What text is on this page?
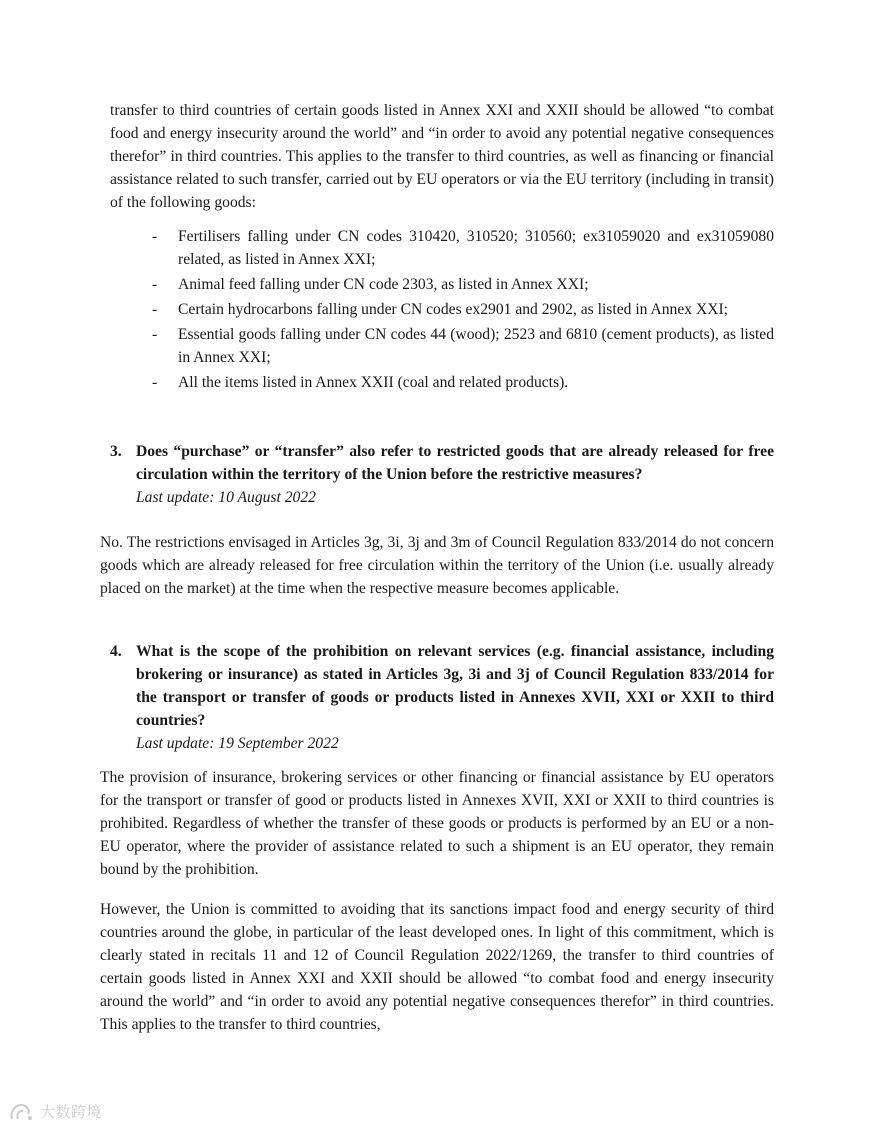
transfer to third countries of certain goods listed in Annex XXI and XXII should be allowed “to combat food and energy insecurity around the world” and “in order to avoid any potential negative consequences therefor” in third countries. This applies to the transfer to third countries, as well as financing or financial assistance related to such transfer, carried out by EU operators or via the EU territory (including in transit) of the following goods:

- Fertilisers falling under CN codes 310420, 310520; 310560; ex31059020 and ex31059080 related, as listed in Annex XXI;
- Animal feed falling under CN code 2303, as listed in Annex XXI;
- Certain hydrocarbons falling under CN codes ex2901 and 2902, as listed in Annex XXI;
- Essential goods falling under CN codes 44 (wood); 2523 and 6810 (cement products), as listed in Annex XXI;
- All the items listed in Annex XXII (coal and related products).
3. Does “purchase” or “transfer” also refer to restricted goods that are already released for free circulation within the territory of the Union before the restrictive measures?
Last update: 10 August 2022

No. The restrictions envisaged in Articles 3g, 3i, 3j and 3m of Council Regulation 833/2014 do not concern goods which are already released for free circulation within the territory of the Union (i.e. usually already placed on the market) at the time when the respective measure becomes applicable.

4. What is the scope of the prohibition on relevant services (e.g. financial assistance, including brokering or insurance) as stated in Articles 3g, 3i and 3j of Council Regulation 833/2014 for the transport or transfer of goods or products listed in Annexes XVII, XXI or XXII to third countries?
Last update: 19 September 2022

The provision of insurance, brokering services or other financing or financial assistance by EU operators for the transport or transfer of good or products listed in Annexes XVII, XXI or XXII to third countries is prohibited. Regardless of whether the transfer of these goods or products is performed by an EU or a non-EU operator, where the provider of assistance related to such a shipment is an EU operator, they remain bound by the prohibition.

However, the Union is committed to avoiding that its sanctions impact food and energy security of third countries around the globe, in particular of the least developed ones. In light of this commitment, which is clearly stated in recitals 11 and 12 of Council Regulation 2022/1269, the transfer to third countries of certain goods listed in Annex XXI and XXII should be allowed “to combat food and energy insecurity around the world” and “in order to avoid any potential negative consequences therefor” in third countries. This applies to the transfer to third countries,

大数跨境
